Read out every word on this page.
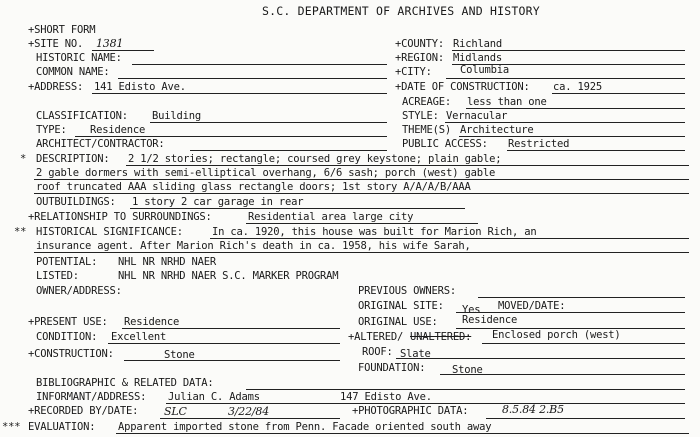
S.C. DEPARTMENT OF ARCHIVES AND HISTORY
+SHORT FORM
+SITE NO. 1381	+COUNTY: Richland
HISTORIC NAME:	+REGION: Midlands
COMMON NAME:	+CITY:	Columbia
+ADDRESS: 141 Edisto Ave.	+DATE OF CONSTRUCTION: ca. 1925
ACREAGE: less than one
CLASSIFICATION: Building	STYLE: Vernacular
TYPE: Residence	THEME(S) Architecture
ARCHITECT/CONTRACTOR:	PUBLIC ACCESS: Restricted
* DESCRIPTION: 2 1/2 stories; rectangle; coursed grey keystone; plain gable;
2 gable dormers with semi-elliptical overhang, 6/6 sash; porch (west) gable
roof truncated AAA sliding glass rectangle doors; 1st story A/A/A/B/AAA
OUTBUILDINGS: 1 story 2 car garage in rear
+RELATIONSHIP TO SURROUNDINGS:	Residential area large city
** HISTORICAL SIGNIFICANCE:	In ca. 1920, this house was built for Marion Rich, an
insurance agent. After Marion Rich's death in ca. 1958, his wife Sarah,
POTENTIAL: NHL NR NRHD NAER
LISTED:	NHL NR NRHD NAER S.C. MARKER PROGRAM
OWNER/ADDRESS:	PREVIOUS OWNERS:
ORIGINAL SITE: Yes MOVED/DATE:
+PRESENT USE: Residence	ORIGINAL USE: Residence
CONDITION: Excellent	+ALTERED/ UNALTERED: Enclosed porch (west)
+CONSTRUCTION:	Stone	ROOF: Slate
FOUNDATION:	Stone
BIBLIOGRAPHIC & RELATED DATA:
INFORMANT/ADDRESS: Julian C. Adams	147 Edisto Ave.
+RECORDED BY/DATE: SLC	3/22/84	+PHOTOGRAPHIC DATA:	8.5.84 2.B5
*** EVALUATION: Apparent imported stone from Penn. Facade oriented south away
